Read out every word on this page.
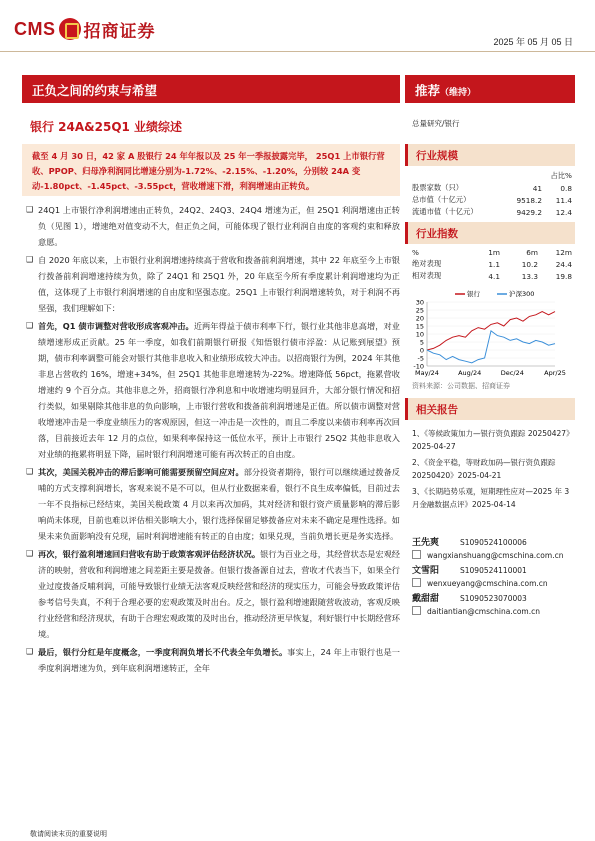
CMS 招商证券
2025 年 05 月 05 日
正负之间的约束与希望	推荐（维持）
银行 24A&25Q1 业绩综述
截至 4 月 30 日，42 家 A 股银行 24 年年报以及 25 年一季报披露完毕， 25Q1 上市银行营收、PPOP、归母净利润同比增速分别为-1.72%、-2.15%、-1.20%，分别较 24A 变动-1.80pct、-1.45pct、-3.55pct，营收增速下滑，利润增速由正转负。
❑ 24Q1 上市银行净利润增速由正转负，24Q2、24Q3、24Q4 增速为正，但 25Q1 利润增速由正转负（见图 1），增速绝对值变动不大，但正负之间，可能体现了银行业利润自由度的客观约束和释放意愿。
❑ 自 2020 年底以来，上市银行业利润增速持续高于营收和拨备前利润增速，其中 22 年底至今上市银行拨备前利润增速持续为负，除了 24Q1 和 25Q1 外，20 年底至今所有季度累计利润增速均为正值，这体现了上市银行利润增速的自由度和坚强态度。25Q1 上市银行利润增速转负，对于利润不再坚强，我们理解如下：
❑ 首先，Q1 债市调整对营收形成客观冲击。近两年得益于债市利率下行，银行业其他非息高增，对业绩增速形成正贡献。25 年一季度，如我们前期银行研报《知悟银行债市浮盈：从记账到展望》预期，债市利率调整可能会对银行其他非息收入和业绩形成较大冲击。以招商银行为例，2024 年其他非息占营收约 16%，增速+34%，但 25Q1 其他非息增速转为-22%。增速降低 56pct，拖累营收增速约 9 个百分点。其他非息之外，招商银行净利息和中收增速均明显回升，大部分银行情况和招行类似，如果剔除其他非息的负向影响，上市银行营收和拨备前利润增速是正值。所以债市调整对营收增速冲击是一季度业绩压力的客观原因，但这一冲击是一次性的，而且二季度以来债市利率再次回落，目前接近去年 12 月的点位，如果利率保持这一低位水平，预计上市银行 25Q2 其他非息收入对业绩的拖累将明显下降，届时银行利润增速可能有再次转正的自由度。
❑ 其次，美国关税冲击的滞后影响可能需要预留空间应对。部分投资者期待，银行可以继续通过拨备反哺的方式支撑利润增长，客观来说不是不可以，但从行业数据来看，银行不良生成率偏低，目前过去一年不良指标已经结束，美国关税政策 4 月以来再次加码，其对经济和银行资产质量影响的滞后影响尚未体现，目前也难以评估相关影响大小，银行选择保留足够拨备应对未来不确定是理性选择。如果未来负面影响没有兑现，届时利润增速能有转正的自由度；如果兑现，当前负增长更是务实选择。
❑ 再次，银行盈利增速回归营收有助于政策客观评估经济状况。银行为百业之母，其经营状态是宏观经济的映射，营收和利润增速之间差距主要是拨备。但银行拨备源自过去，营收才代表当下，如果全行业过度拨备反哺利润，可能导致银行业绩无法客观反映经营和经济的现实压力，可能会导致政策评估参考信号失真，不利于合理必要的宏观政策及时出台。反之，银行盈利增速跟随营收波动，客观反映行业经营和经济现状，有助于合理宏观政策的及时出台，推动经济更早恢复，利好银行中长期经营环境。
❑ 最后，银行分红是年度概念，一季度利润负增长不代表全年负增长。事实上，24 年上市银行也是一季度利润增速为负，到年底利润增速转正，全年
敬请阅读末页的重要说明
总量研究/银行
行业规模
		占比%
股票家数（只）	41	0.8
总市值（十亿元）	9518.2	11.4
流通市值（十亿元）	9429.2	12.4
行业指数
%	1m	6m	12m
绝对表现	1.1	10.2	24.4
相对表现	4.1	13.3	19.8
30
25
20
15
10
5
0
-5
-10
May/24	Aug/24	Dec/24	Apr/25
银行	沪深300
资料来源：公司数据、招商证券
相关报告
1、《等候政策加力—银行资负跟踪 20250427》2025-04-27
2、《资金平稳，等财政加码—银行资负跟踪 20250420》2025-04-21
3、《长期趋势乐观，短期理性应对—2025 年 3 月金融数据点评》2025-04-14
王先爽	S1090524100006
wangxianshuang@cmschina.com.cn
文雪阳	S1090524110001
wenxueyang@cmschina.com.cn
戴甜甜	S1090523070003
daitiantian@cmschina.com.cn
